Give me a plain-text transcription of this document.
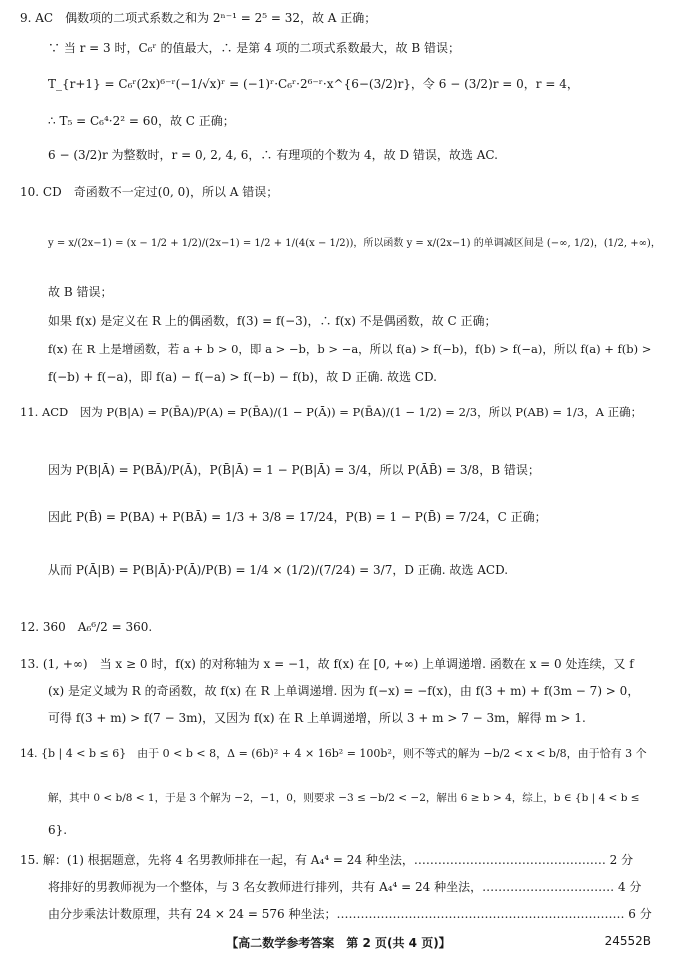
9. AC　偶数项的二项式系数之和为 2ⁿ⁻¹ = 2⁵ = 32，故 A 正确；
∵ 当 r = 3 时，C₆ʳ 的值最大，∴ 是第 4 项的二项式系数最大，故 B 错误；
T_{r+1} = C₆ʳ(2x)⁶⁻ʳ(−1/√x)ʳ = (−1)ʳ·C₆ʳ·2⁶⁻ʳ·x^{6−(3/2)r}，令 6 − (3/2)r = 0，r = 4，
∴ T₅ = C₆⁴·2² = 60，故 C 正确；
6 − (3/2)r 为整数时，r = 0, 2, 4, 6，∴ 有理项的个数为 4，故 D 错误，故选 AC.
10. CD　奇函数不一定过(0, 0)，所以 A 错误；
y = x/(2x−1) = (x − 1/2 + 1/2)/(2x−1) = 1/2 + 1/(4(x − 1/2))，所以函数 y = x/(2x−1) 的单调减区间是 (−∞, 1/2)，(1/2, +∞)，
故 B 错误；
如果 f(x) 是定义在 R 上的偶函数，f(3) = f(−3)，∴ f(x) 不是偶函数，故 C 正确；
f(x) 在 R 上是增函数，若 a + b > 0，即 a > −b，b > −a，所以 f(a) > f(−b)，f(b) > f(−a)，所以 f(a) + f(b) >
f(−b) + f(−a)，即 f(a) − f(−a) > f(−b) − f(b)，故 D 正确. 故选 CD.
11. ACD　因为 P(B|A) = P(B̄A)/P(A) = P(B̄A)/(1 − P(Ā)) = P(B̄A)/(1 − 1/2) = 2/3，所以 P(AB) = 1/3，A 正确；
因为 P(B|Ā) = P(BĀ)/P(Ā)，P(B̄|Ā) = 1 − P(B|Ā) = 3/4，所以 P(ĀB̄) = 3/8，B 错误；
因此 P(B̄) = P(BA) + P(BĀ) = 1/3 + 3/8 = 17/24，P(B) = 1 − P(B̄) = 7/24，C 正确；
从而 P(Ā|B) = P(B|Ā)·P(Ā)/P(B) = 1/4 × (1/2)/(7/24) = 3/7，D 正确. 故选 ACD.
12. 360　A₆⁶/2 = 360.
13. (1, +∞)　当 x ≥ 0 时，f(x) 的对称轴为 x = −1，故 f(x) 在 [0, +∞) 上单调递增. 函数在 x = 0 处连续，又 f
(x) 是定义域为 R 的奇函数，故 f(x) 在 R 上单调递增. 因为 f(−x) = −f(x)，由 f(3 + m) + f(3m − 7) > 0，
可得 f(3 + m) > f(7 − 3m)，又因为 f(x) 在 R 上单调递增，所以 3 + m > 7 − 3m，解得 m > 1.
14. {b | 4 < b ≤ 6}　由于 0 < b < 8，Δ = (6b)² + 4 × 16b² = 100b²，则不等式的解为 −b/2 < x < b/8，由于恰有 3 个
解，其中 0 < b/8 < 1，于是 3 个解为 −2，−1，0，则要求 −3 ≤ −b/2 < −2，解出 6 ≥ b > 4，综上，b ∈ {b | 4 < b ≤
6}.
15. 解：(1) 根据题意，先将 4 名男教师排在一起，有 A₄⁴ = 24 种坐法，………………………………………… 2 分
将排好的男教师视为一个整体，与 3 名女教师进行排列，共有 A₄⁴ = 24 种坐法，…………………………… 4 分
由分步乘法计数原理，共有 24 × 24 = 576 种坐法；……………………………………………………………… 6 分
【高二数学参考答案　第 2 页(共 4 页)】	24552B
